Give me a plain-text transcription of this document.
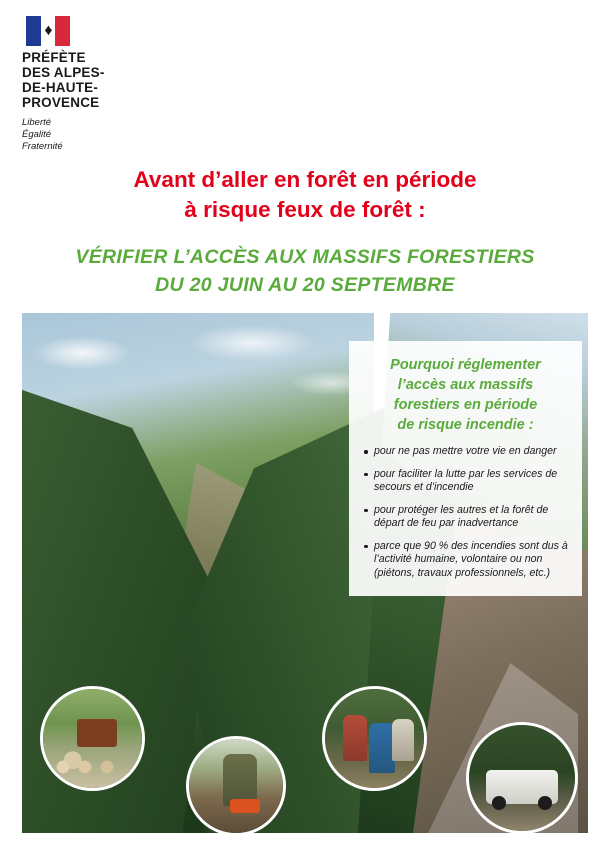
♦
PRÉFÈTE
DES ALPES-
DE-HAUTE-
PROVENCE
Liberté
Égalité
Fraternité
Avant d’aller en forêt en période
à risque feux de forêt :
VÉRIFIER L’ACCÈS AUX MASSIFS FORESTIERS
DU 20 JUIN AU 20 SEPTEMBRE
Pourquoi réglementer
l’accès aux massifs
forestiers en période
de risque incendie :
pour ne pas mettre votre vie en danger
pour faciliter la lutte par les services de secours et d’incendie
pour protéger les autres et la forêt de départ de feu par inadvertance
parce que 90 % des incendies sont dus à l’activité humaine, volontaire ou non (piétons, travaux professionnels, etc.)
